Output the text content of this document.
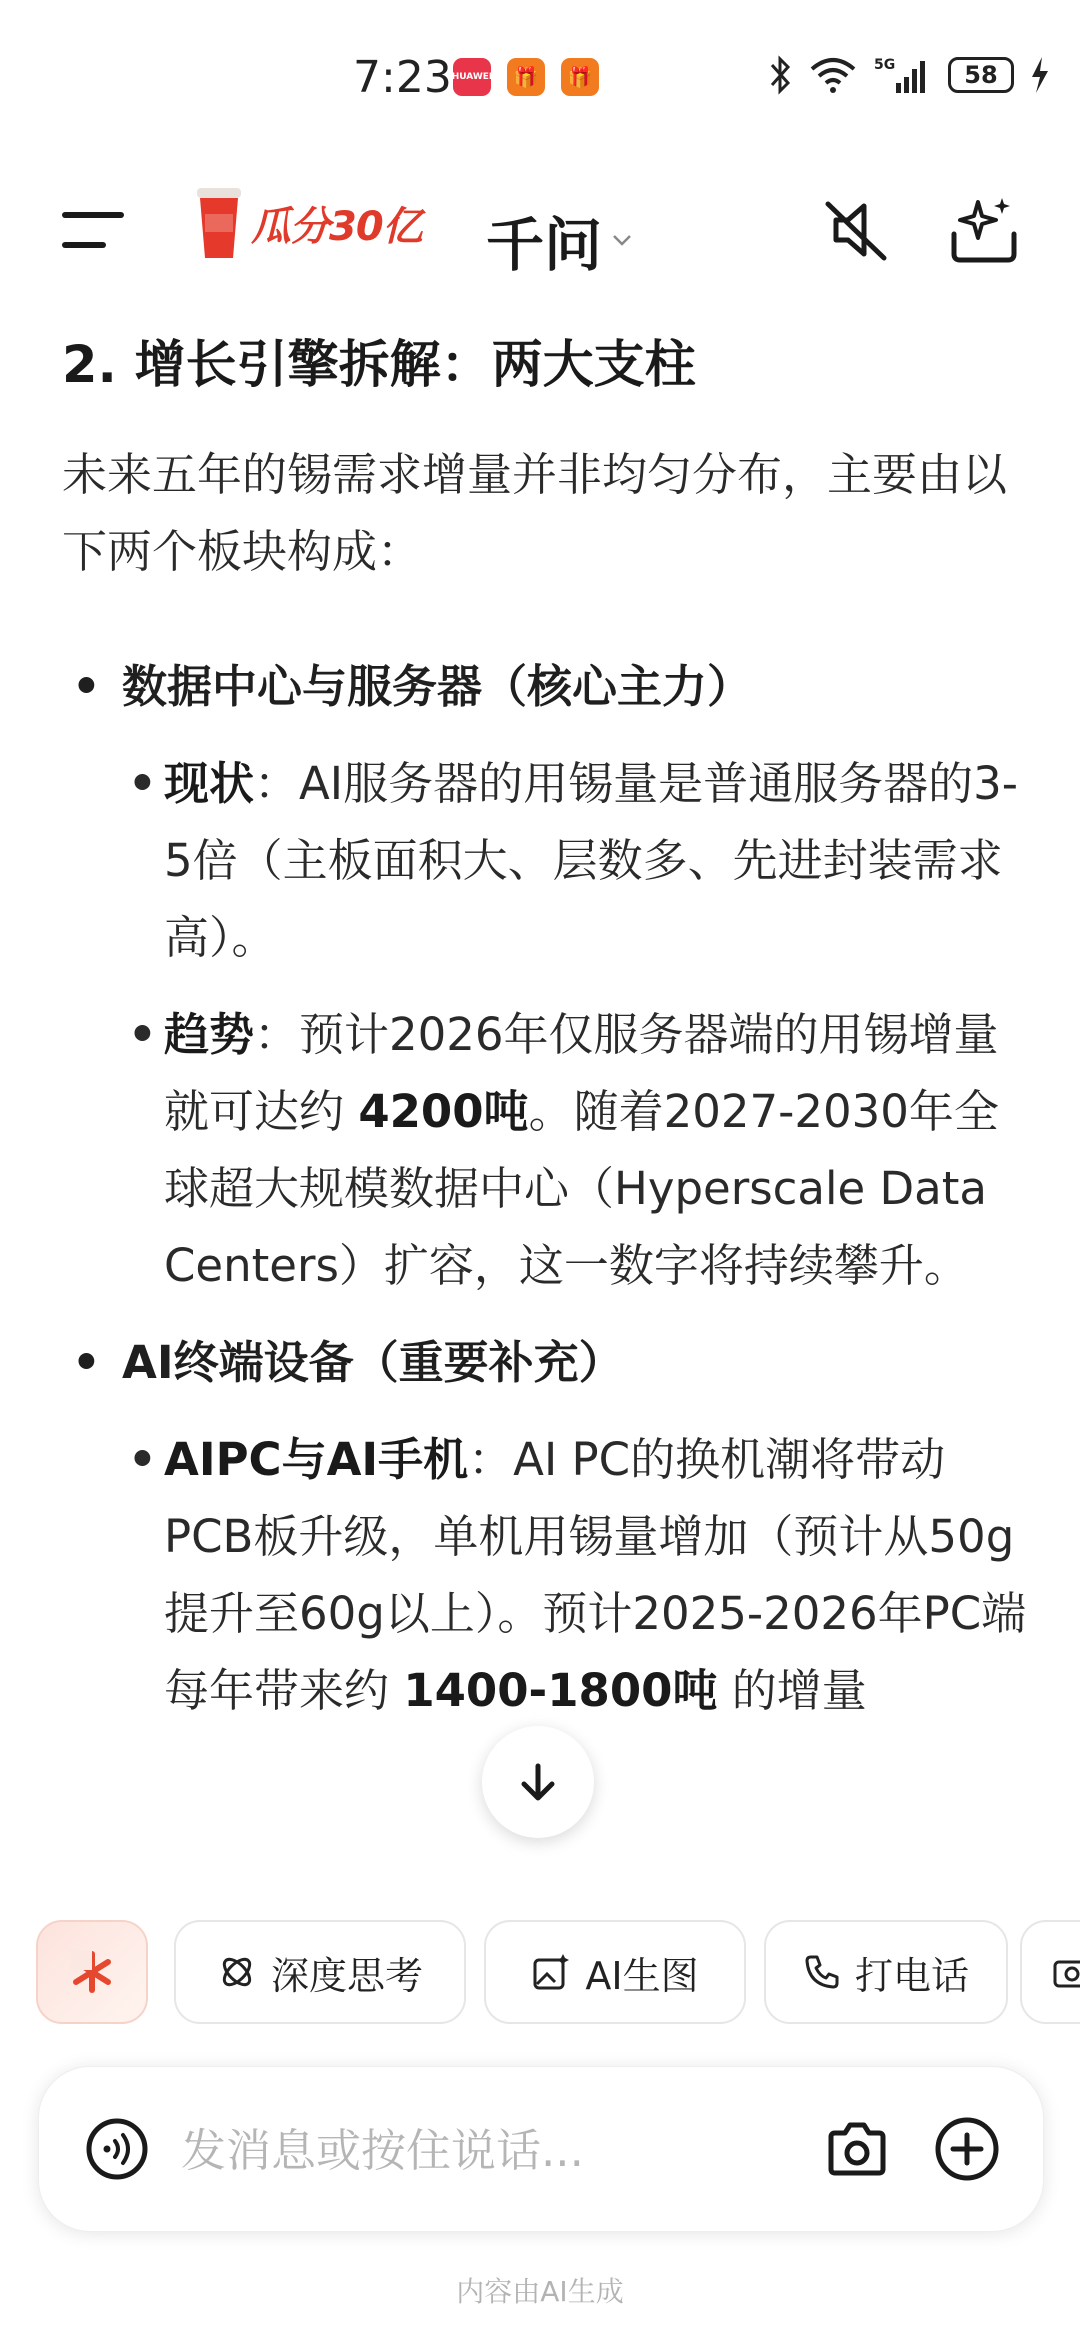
7:23 HUAWEI	🎁	🎁	5G	58
瓜分30亿 千问
2. 增长引擎拆解：两大支柱
未来五年的锡需求增量并非均匀分布，主要由以下两个板块构成：
• 数据中心与服务器（核心主力）
• 现状：AI服务器的用锡量是普通服务器的3-5倍（主板面积大、层数多、先进封装需求高）。
• 趋势：预计2026年仅服务器端的用锡增量就可达约 4200吨。随着2027-2030年全球超大规模数据中心（Hyperscale Data Centers）扩容，这一数字将持续攀升。
• AI终端设备（重要补充）
• AIPC与AI手机：AI PC的换机潮将带动PCB板升级，单机用锡量增加（预计从50g提升至60g以上）。预计2025-2026年PC端每年带来约 1400-1800吨 的增量
深度思考	AI生图	打电话
发消息或按住说话...
内容由AI生成
